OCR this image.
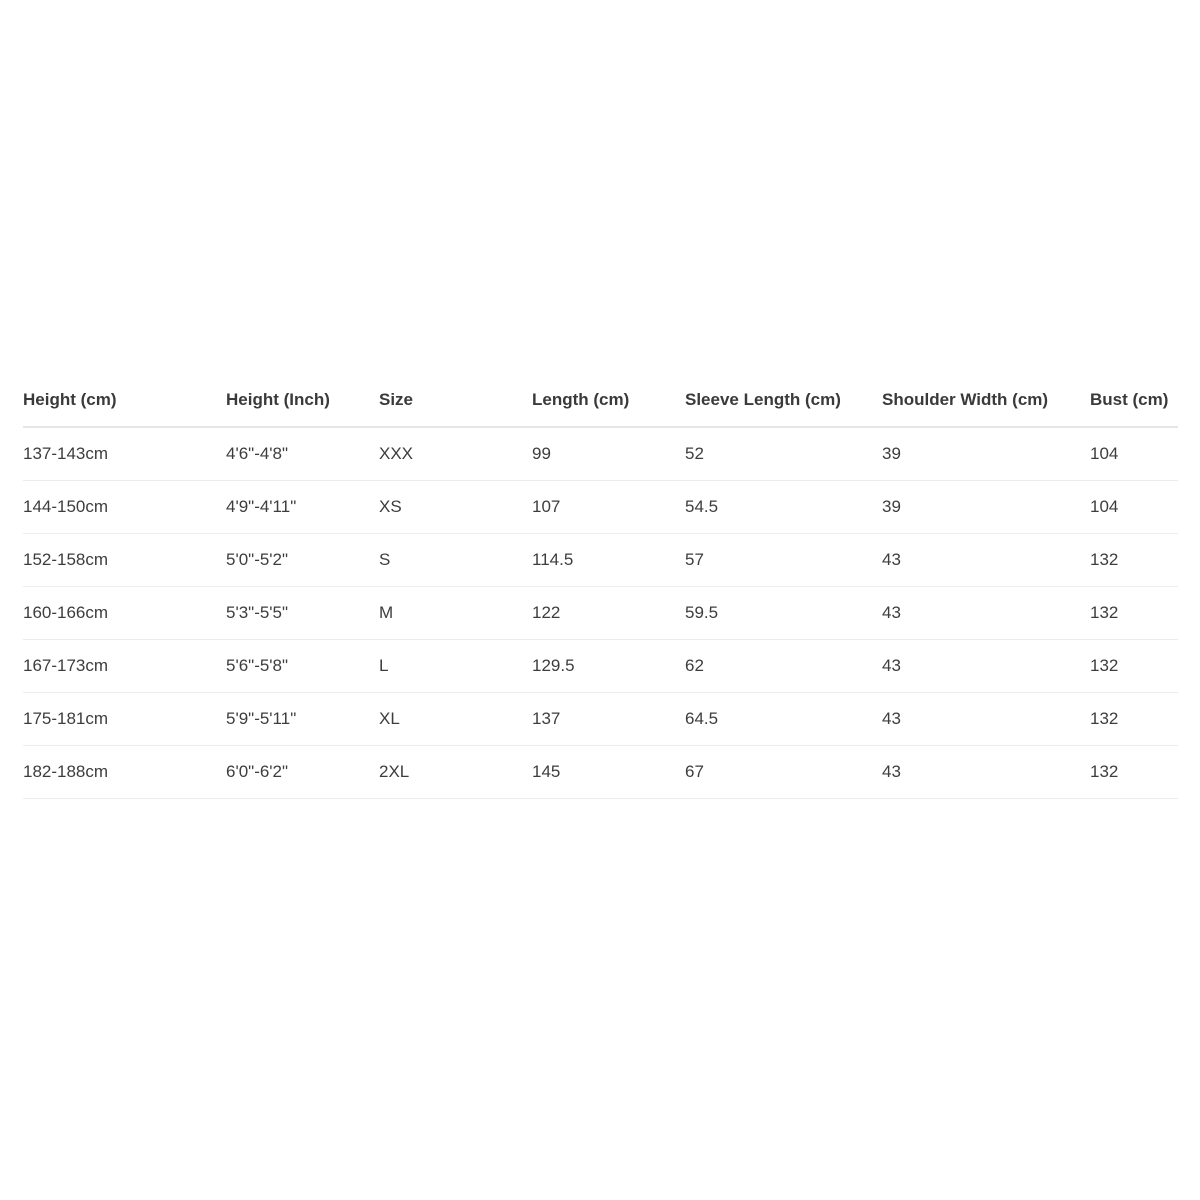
Height (cm)	Height (Inch)	Size	Length (cm)	Sleeve Length (cm)	Shoulder Width (cm)	Bust (cm)
137-143cm	4'6"-4'8"	XXX	99	52	39	104
144-150cm	4'9"-4'11"	XS	107	54.5	39	104
152-158cm	5'0"-5'2"	S	114.5	57	43	132
160-166cm	5'3"-5'5"	M	122	59.5	43	132
167-173cm	5'6"-5'8"	L	129.5	62	43	132
175-181cm	5'9"-5'11"	XL	137	64.5	43	132
182-188cm	6'0"-6'2"	2XL	145	67	43	132
